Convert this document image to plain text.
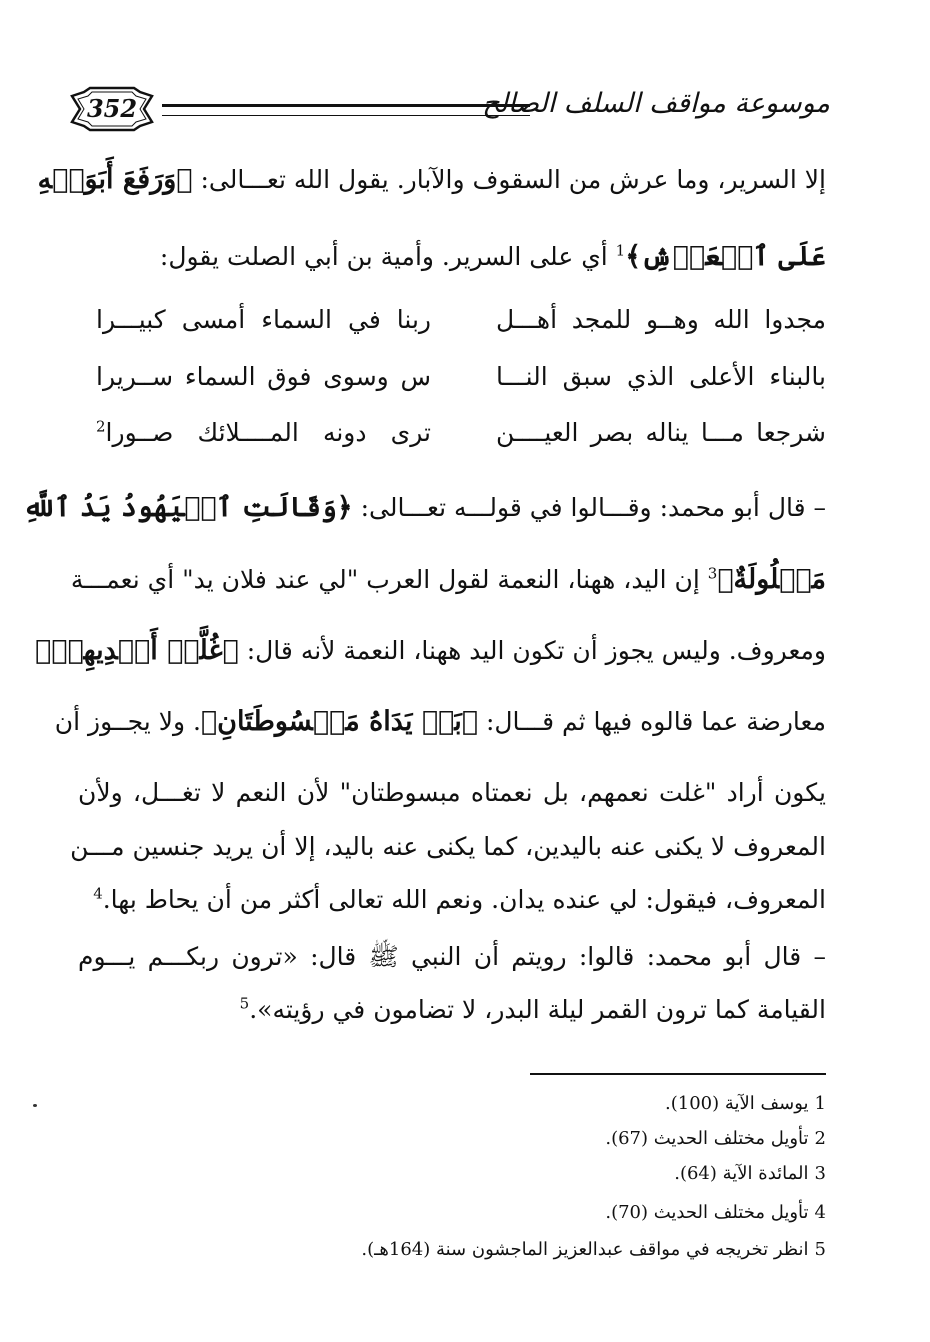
موسوعة مواقف السلف الصالح
352
إلا السرير، وما عرش من السقوف والآبار. يقول الله تعـــالى: ﴿وَرَفَعَ أَبَوَيۡهِ
عَلَى ٱلۡعَرۡشِ﴾$^1$ أي على السرير. وأمية بن أبي الصلت يقول:
مجدوا الله وهــو للمجد أهـــل
ربنا في السماء أمسى كبيـــرا
بالبناء الأعلى الذي سبق النـــا
س وسوى فوق السماء ســريرا
شرجعا مـــا يناله بصر العيــــن
ترى دونه المــــلائك صــورا$^2$
– قال أبو محمد: وقـــالوا في قولـــه تعـــالى: ﴿وَقَالَتِ ٱلۡيَهُودُ يَدُ ٱللَّهِ
مَغۡلُولَةٌ﴾$^3$ إن اليد، ههنا، النعمة لقول العرب "لي عند فلان يد" أي نعمـــة
ومعروف. وليس يجوز أن تكون اليد ههنا، النعمة لأنه قال: ﴿غُلَّتۡ أَيۡدِيهِمۡ﴾
معارضة عما قالوه فيها ثم قـــال: ﴿بَلۡ يَدَاهُ مَبۡسُوطَتَانِ﴾. ولا يجــوز أن
يكون أراد "غلت نعمهم، بل نعمتاه مبسوطتان" لأن النعم لا تغـــل، ولأن
المعروف لا يكنى عنه باليدين، كما يكنى عنه باليد، إلا أن يريد جنسين مـــن
المعروف، فيقول: لي عنده يدان. ونعم الله تعالى أكثر من أن يحاط بها.$^4$
– قال أبو محمد: قالوا: رويتم أن النبي ﷺ قال: «ترون ربكـــم يـــوم
القيامة كما ترون القمر ليلة البدر، لا تضامون في رؤيته».$^5$
1يوسف الآية (100).
2تأويل مختلف الحديث (67).
3المائدة الآية (64).
4تأويل مختلف الحديث (70).
5انظر تخريجه في مواقف عبدالعزيز الماجشون سنة (164هـ).
